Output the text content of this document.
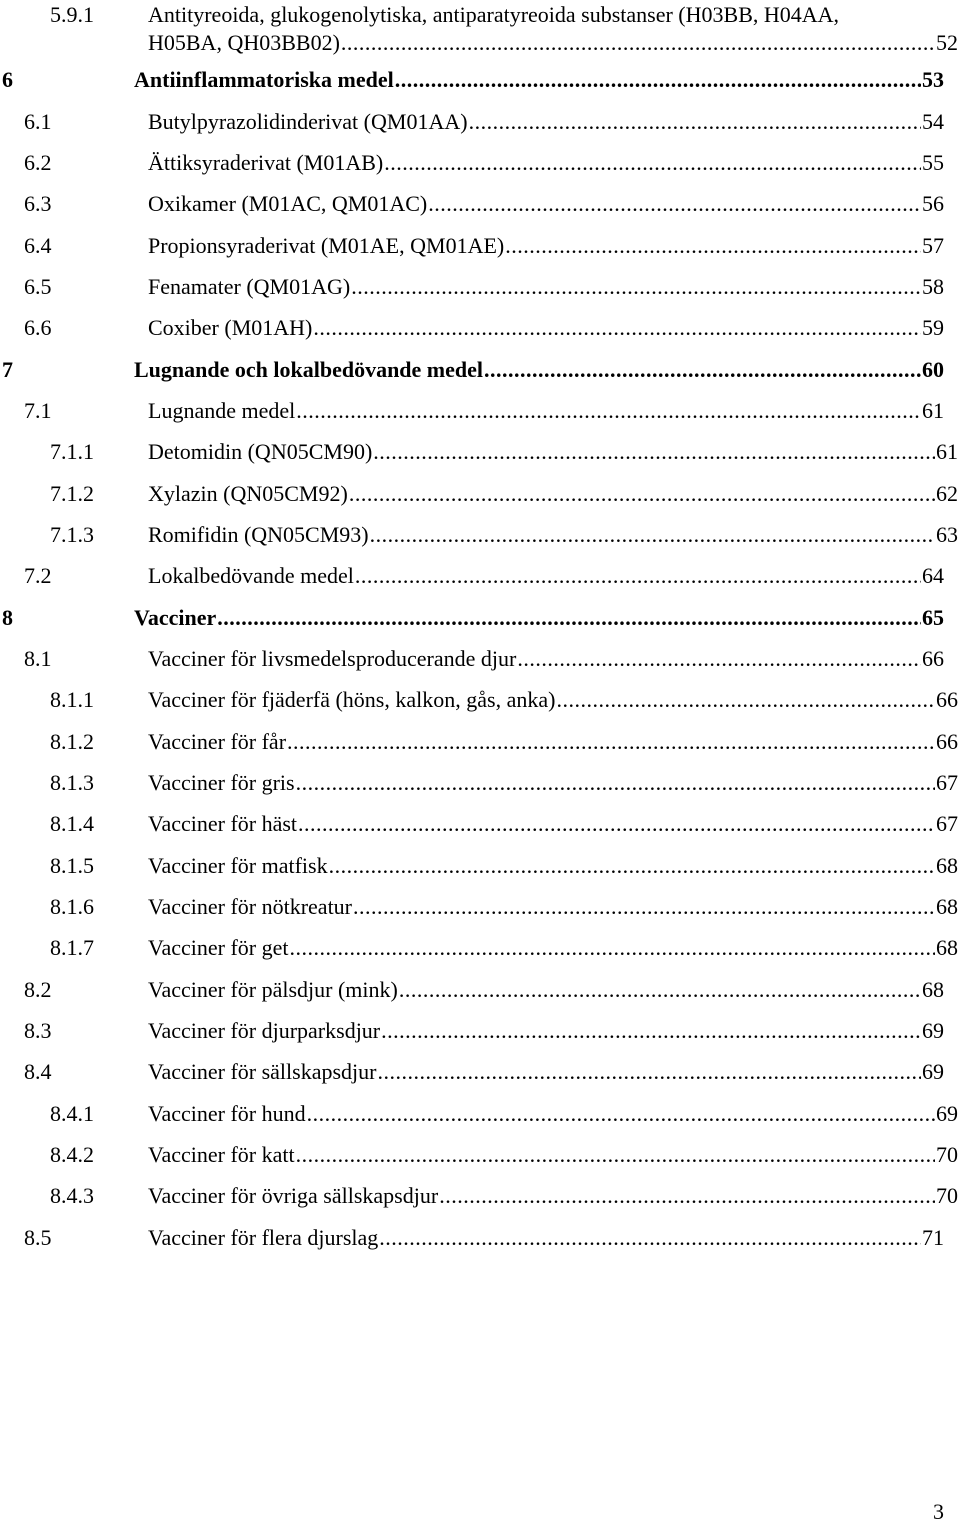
5.9.1 Antityreoida, glukogenolytiska, antiparatyreoida substanser (H03BB, H04AA,
H05BA, QH03BB02) .....	52
6	Antiinflammatoriska medel .....	53
6.1	Butylpyrazolidinderivat (QM01AA) .....	54
6.2	Ättiksyraderivat (M01AB) .....	55
6.3	Oxikamer (M01AC, QM01AC) .....	56
6.4	Propionsyraderivat (M01AE, QM01AE) .....	57
6.5	Fenamater (QM01AG) .....	58
6.6	Coxiber (M01AH) .....	59
7	Lugnande och lokalbedövande medel .....	60
7.1	Lugnande medel .....	61
7.1.1 Detomidin (QN05CM90) .....	61
7.1.2 Xylazin (QN05CM92) .....	62
7.1.3 Romifidin (QN05CM93) .....	63
7.2	Lokalbedövande medel .....	64
8	Vacciner .....	65
8.1	Vacciner för livsmedelsproducerande djur .....	66
8.1.1 Vacciner för fjäderfä (höns, kalkon, gås, anka) .....	66
8.1.2 Vacciner för får .....	66
8.1.3 Vacciner för gris .....	67
8.1.4 Vacciner för häst .....	67
8.1.5 Vacciner för matfisk .....	68
8.1.6 Vacciner för nötkreatur .....	68
8.1.7 Vacciner för get .....	68
8.2	Vacciner för pälsdjur (mink) .....	68
8.3	Vacciner för djurparksdjur .....	69
8.4	Vacciner för sällskapsdjur .....	69
8.4.1 Vacciner för hund .....	69
8.4.2 Vacciner för katt .....	70
8.4.3 Vacciner för övriga sällskapsdjur .....	70
8.5	Vacciner för flera djurslag .....	71
3
